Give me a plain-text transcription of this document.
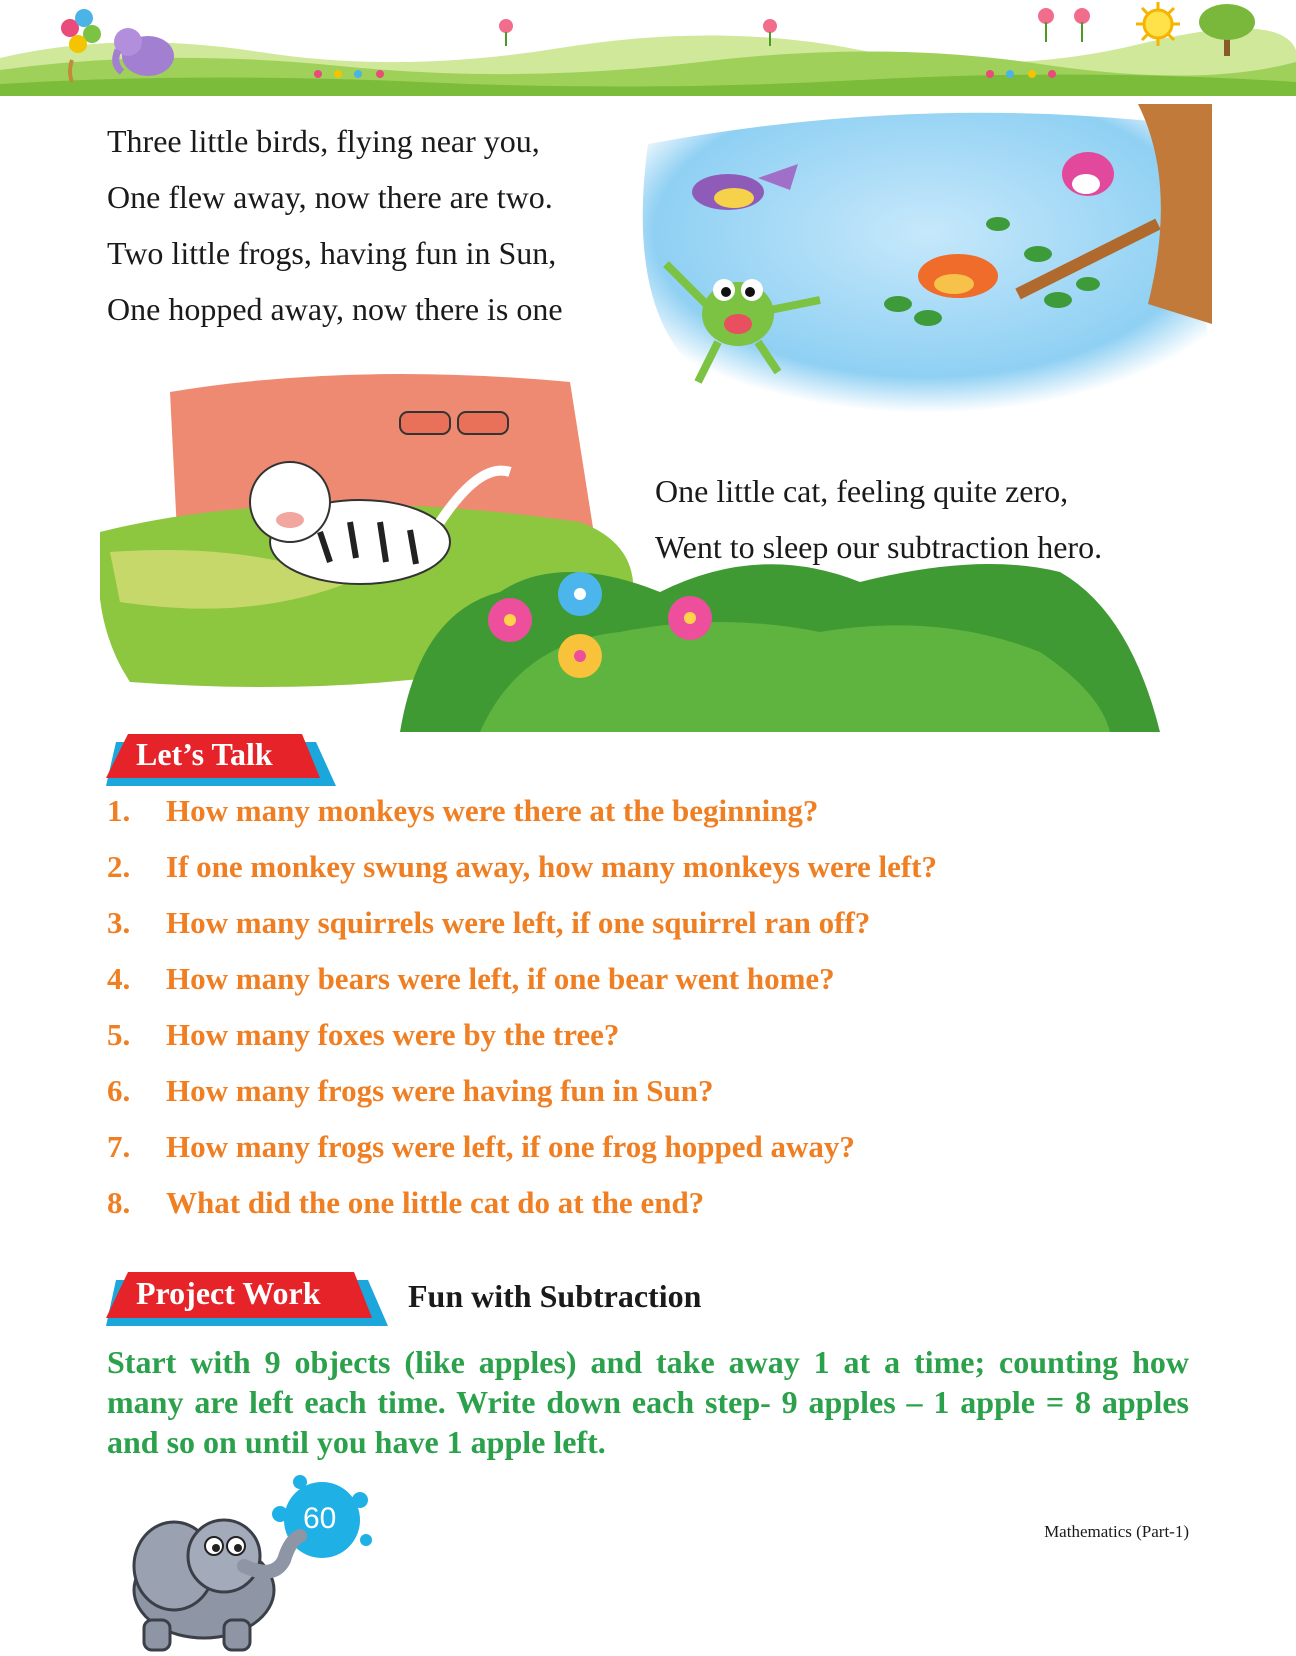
Three little birds, flying near you,
One flew away, now there are two.
Two little frogs, having fun in Sun,
One hopped away, now there is one
One little cat, feeling quite zero,
Went to sleep our subtraction hero.
Let’s Talk
1. How many monkeys were there at the beginning?
2. If one monkey swung away, how many monkeys were left?
3. How many squirrels were left, if one squirrel ran off?
4. How many bears were left, if one bear went home?
5. How many foxes were by the tree?
6. How many frogs were having fun in Sun?
7. How many frogs were left, if one frog hopped away?
8. What did the one little cat do at the end?
Project Work	Fun with Subtraction
Start with 9 objects (like apples) and take away 1 at a time; counting how many are left each time. Write down each step- 9 apples – 1 apple = 8 apples and so on until you have 1 apple left.
60	Mathematics (Part-1)
